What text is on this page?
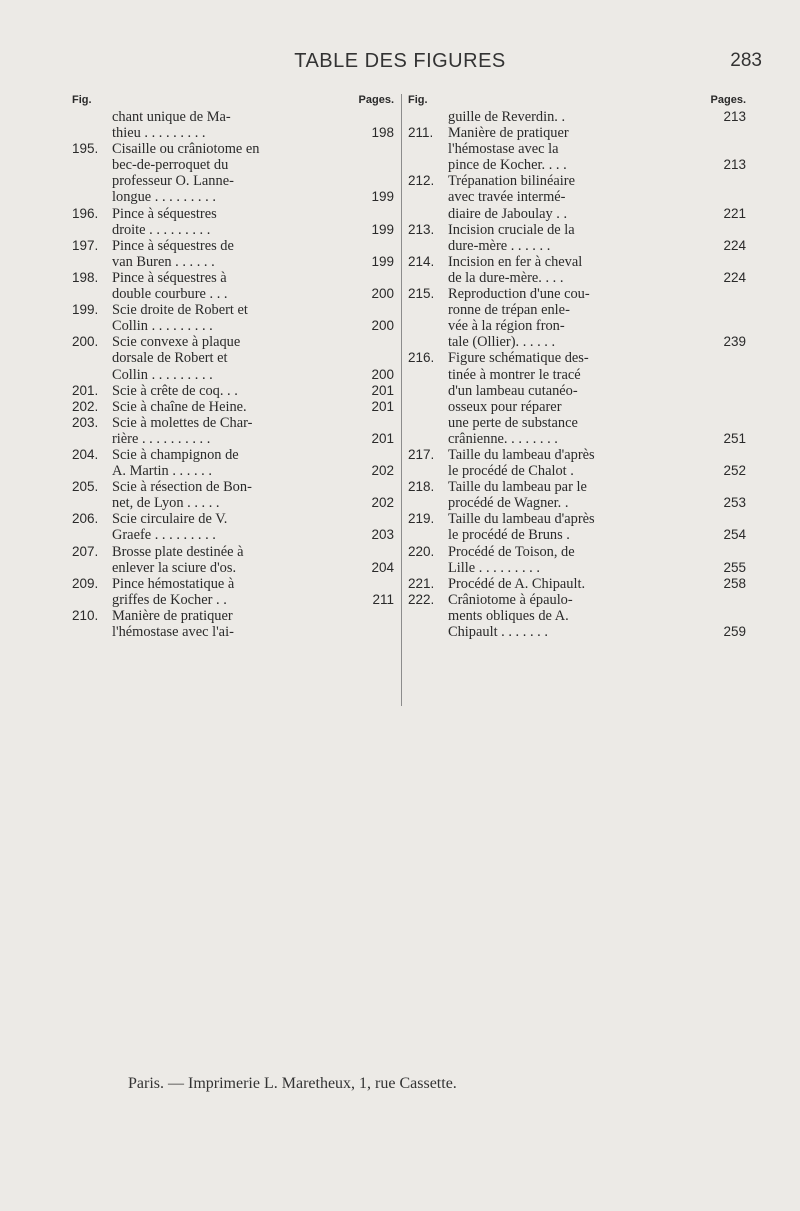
TABLE DES FIGURES	283
Fig.	Pages.
chant unique de Ma-
thieu . . . . . . . . .	198
195. Cisaille ou crâniotome en
bec-de-perroquet du
professeur O. Lanne-
longue . . . . . . . . .	199
196. Pince à séquestres
droite . . . . . . . . .	199
197. Pince à séquestres de
van Buren . . . . . .	199
198. Pince à séquestres à
double courbure . . .	200
199. Scie droite de Robert et
Collin . . . . . . . . .	200
200. Scie convexe à plaque
dorsale de Robert et
Collin . . . . . . . . .	200
201. Scie à crête de coq. . .	201
202. Scie à chaîne de Heine.	201
203. Scie à molettes de Char-
rière . . . . . . . . . .	201
204. Scie à champignon de
A. Martin . . . . . .	202
205. Scie à résection de Bon-
net, de Lyon . . . . .	202
206. Scie circulaire de V.
Graefe . . . . . . . . .	203
207. Brosse plate destinée à
enlever la sciure d'os.	204
209. Pince hémostatique à
griffes de Kocher . .	211
210. Manière de pratiquer
l'hémostase avec l'ai-
Fig.	Pages.
guille de Reverdin. .	213
211.	Manière de pratiquer
l'hémostase avec la
pince de Kocher. . . .	213
212. Trépanation bilinéaire
avec travée intermé-
diaire de Jaboulay . .	221
213. Incision cruciale de la
dure-mère . . . . . .	224
214. Incision en fer à cheval
de la dure-mère. . . .	224
215. Reproduction d'une cou-
ronne de trépan enle-
vée à la région fron-
tale (Ollier). . . . . .	239
216. Figure schématique des-
tinée à montrer le tracé
d'un lambeau cutanéo-
osseux pour réparer
une perte de substance
crânienne. . . . . . . .	251
217. Taille du lambeau d'après
le procédé de Chalot .	252
218. Taille du lambeau par le
procédé de Wagner. .	253
219. Taille du lambeau d'après
le procédé de Bruns .	254
220. Procédé de Toison, de
Lille . . . . . . . . .	255
221. Procédé de A. Chipault.	258
222. Crâniotome à épaulo-
ments obliques de A.
Chipault . . . . . . .	259
Paris. — Imprimerie L. Maretheux, 1, rue Cassette.
